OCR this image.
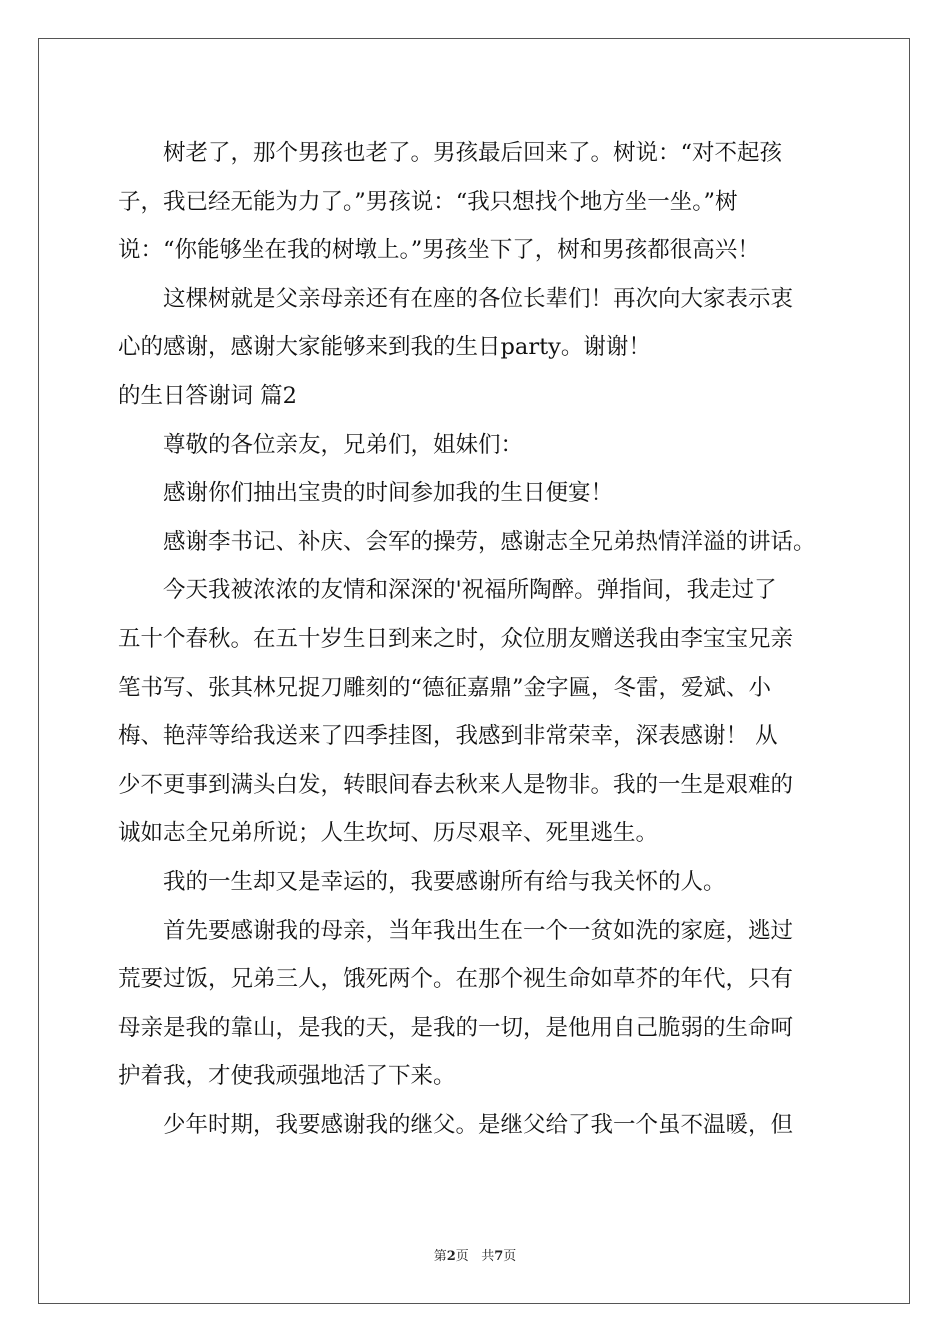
树老了，那个男孩也老了。男孩最后回来了。树说：“对不起孩
子，我已经无能为力了。”男孩说：“我只想找个地方坐一坐。”树
说：“你能够坐在我的树墩上。”男孩坐下了，树和男孩都很高兴！
这棵树就是父亲母亲还有在座的各位长辈们！再次向大家表示衷
心的感谢，感谢大家能够来到我的生日party。谢谢！
的生日答谢词 篇2
尊敬的各位亲友，兄弟们，姐妹们：
感谢你们抽出宝贵的时间参加我的生日便宴！
感谢李书记、补庆、会军的操劳，感谢志全兄弟热情洋溢的讲话。
今天我被浓浓的友情和深深的'祝福所陶醉。弹指间，我走过了
五十个春秋。在五十岁生日到来之时，众位朋友赠送我由李宝宝兄亲
笔书写、张其林兄捉刀雕刻的“德征嘉鼎”金字匾，冬雷，爱斌、小
梅、艳萍等给我送来了四季挂图，我感到非常荣幸，深表感谢！ 从
少不更事到满头白发，转眼间春去秋来人是物非。我的一生是艰难的
诚如志全兄弟所说；人生坎坷、历尽艰辛、死里逃生。
我的一生却又是幸运的，我要感谢所有给与我关怀的人。
首先要感谢我的母亲，当年我出生在一个一贫如洗的家庭，逃过
荒要过饭，兄弟三人，饿死两个。在那个视生命如草芥的年代，只有
母亲是我的靠山，是我的天，是我的一切，是他用自己脆弱的生命呵
护着我，才使我顽强地活了下来。
少年时期，我要感谢我的继父。是继父给了我一个虽不温暖，但
第2页   共7页
